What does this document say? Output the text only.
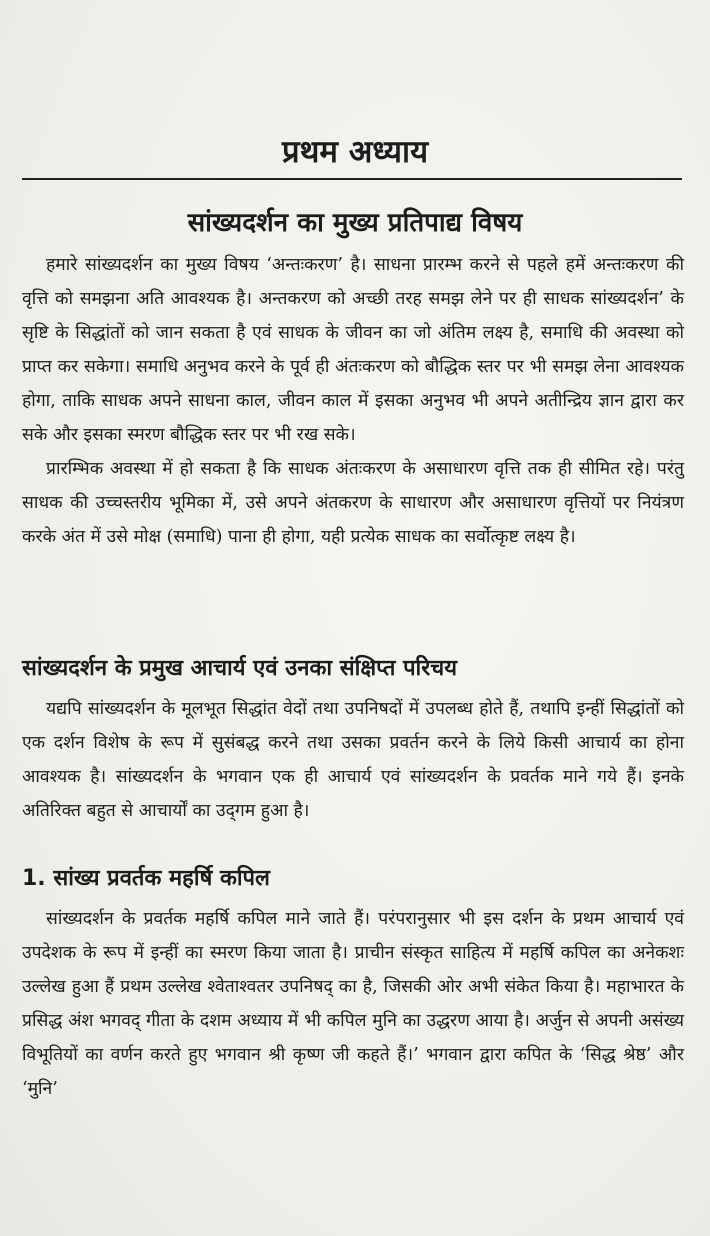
प्रथम अध्याय
सांख्यदर्शन का मुख्य प्रतिपाद्य विषय

हमारे सांख्यदर्शन का मुख्य विषय ‘अन्तःकरण’ है। साधना प्रारम्भ करने से पहले हमें अन्तःकरण की वृत्ति को समझना अति आवश्यक है। अन्तकरण को अच्छी तरह समझ लेने पर ही साधक सांख्यदर्शन’ के सृष्टि के सिद्धांतों को जान सकता है एवं साधक के जीवन का जो अंतिम लक्ष्य है, समाधि की अवस्था को प्राप्त कर सकेगा। समाधि अनुभव करने के पूर्व ही अंतःकरण को बौद्धिक स्तर पर भी समझ लेना आवश्यक होगा, ताकि साधक अपने साधना काल, जीवन काल में इसका अनुभव भी अपने अतीन्द्रिय ज्ञान द्वारा कर सके और इसका स्मरण बौद्धिक स्तर पर भी रख सके।

प्रारम्भिक अवस्था में हो सकता है कि साधक अंतःकरण के असाधारण वृत्ति तक ही सीमित रहे। परंतु साधक की उच्चस्तरीय भूमिका में, उसे अपने अंतकरण के साधारण और असाधारण वृत्तियों पर नियंत्रण करके अंत में उसे मोक्ष (समाधि) पाना ही होगा, यही प्रत्येक साधक का सर्वोत्कृष्ट लक्ष्य है।

सांख्यदर्शन के प्रमुख आचार्य एवं उनका संक्षिप्त परिचय

यद्यपि सांख्यदर्शन के मूलभूत सिद्धांत वेदों तथा उपनिषदों में उपलब्ध होते हैं, तथापि इन्हीं सिद्धांतों को एक दर्शन विशेष के रूप में सुसंबद्ध करने तथा उसका प्रवर्तन करने के लिये किसी आचार्य का होना आवश्यक है। सांख्यदर्शन के भगवान एक ही आचार्य एवं सांख्यदर्शन के प्रवर्तक माने गये हैं। इनके अतिरिक्त बहुत से आचार्यों का उद्‌गम हुआ है।

1. सांख्य प्रवर्तक महर्षि कपिल

सांख्यदर्शन के प्रवर्तक महर्षि कपिल माने जाते हैं। परंपरानुसार भी इस दर्शन के प्रथम आचार्य एवं उपदेशक के रूप में इन्हीं का स्मरण किया जाता है। प्राचीन संस्कृत साहित्य में महर्षि कपिल का अनेकशः उल्लेख हुआ हैं प्रथम उल्लेख श्वेताश्वतर उपनिषद् का है, जिसकी ओर अभी संकेत किया है। महाभारत के प्रसिद्ध अंश भगवद् गीता के दशम अध्याय में भी कपिल मुनि का उद्धरण आया है। अर्जुन से अपनी असंख्य विभूतियों का वर्णन करते हुए भगवान श्री कृष्ण जी कहते हैं।’ भगवान द्वारा कपित के ‘सिद्ध श्रेष्ठ’ और ‘मुनि’
